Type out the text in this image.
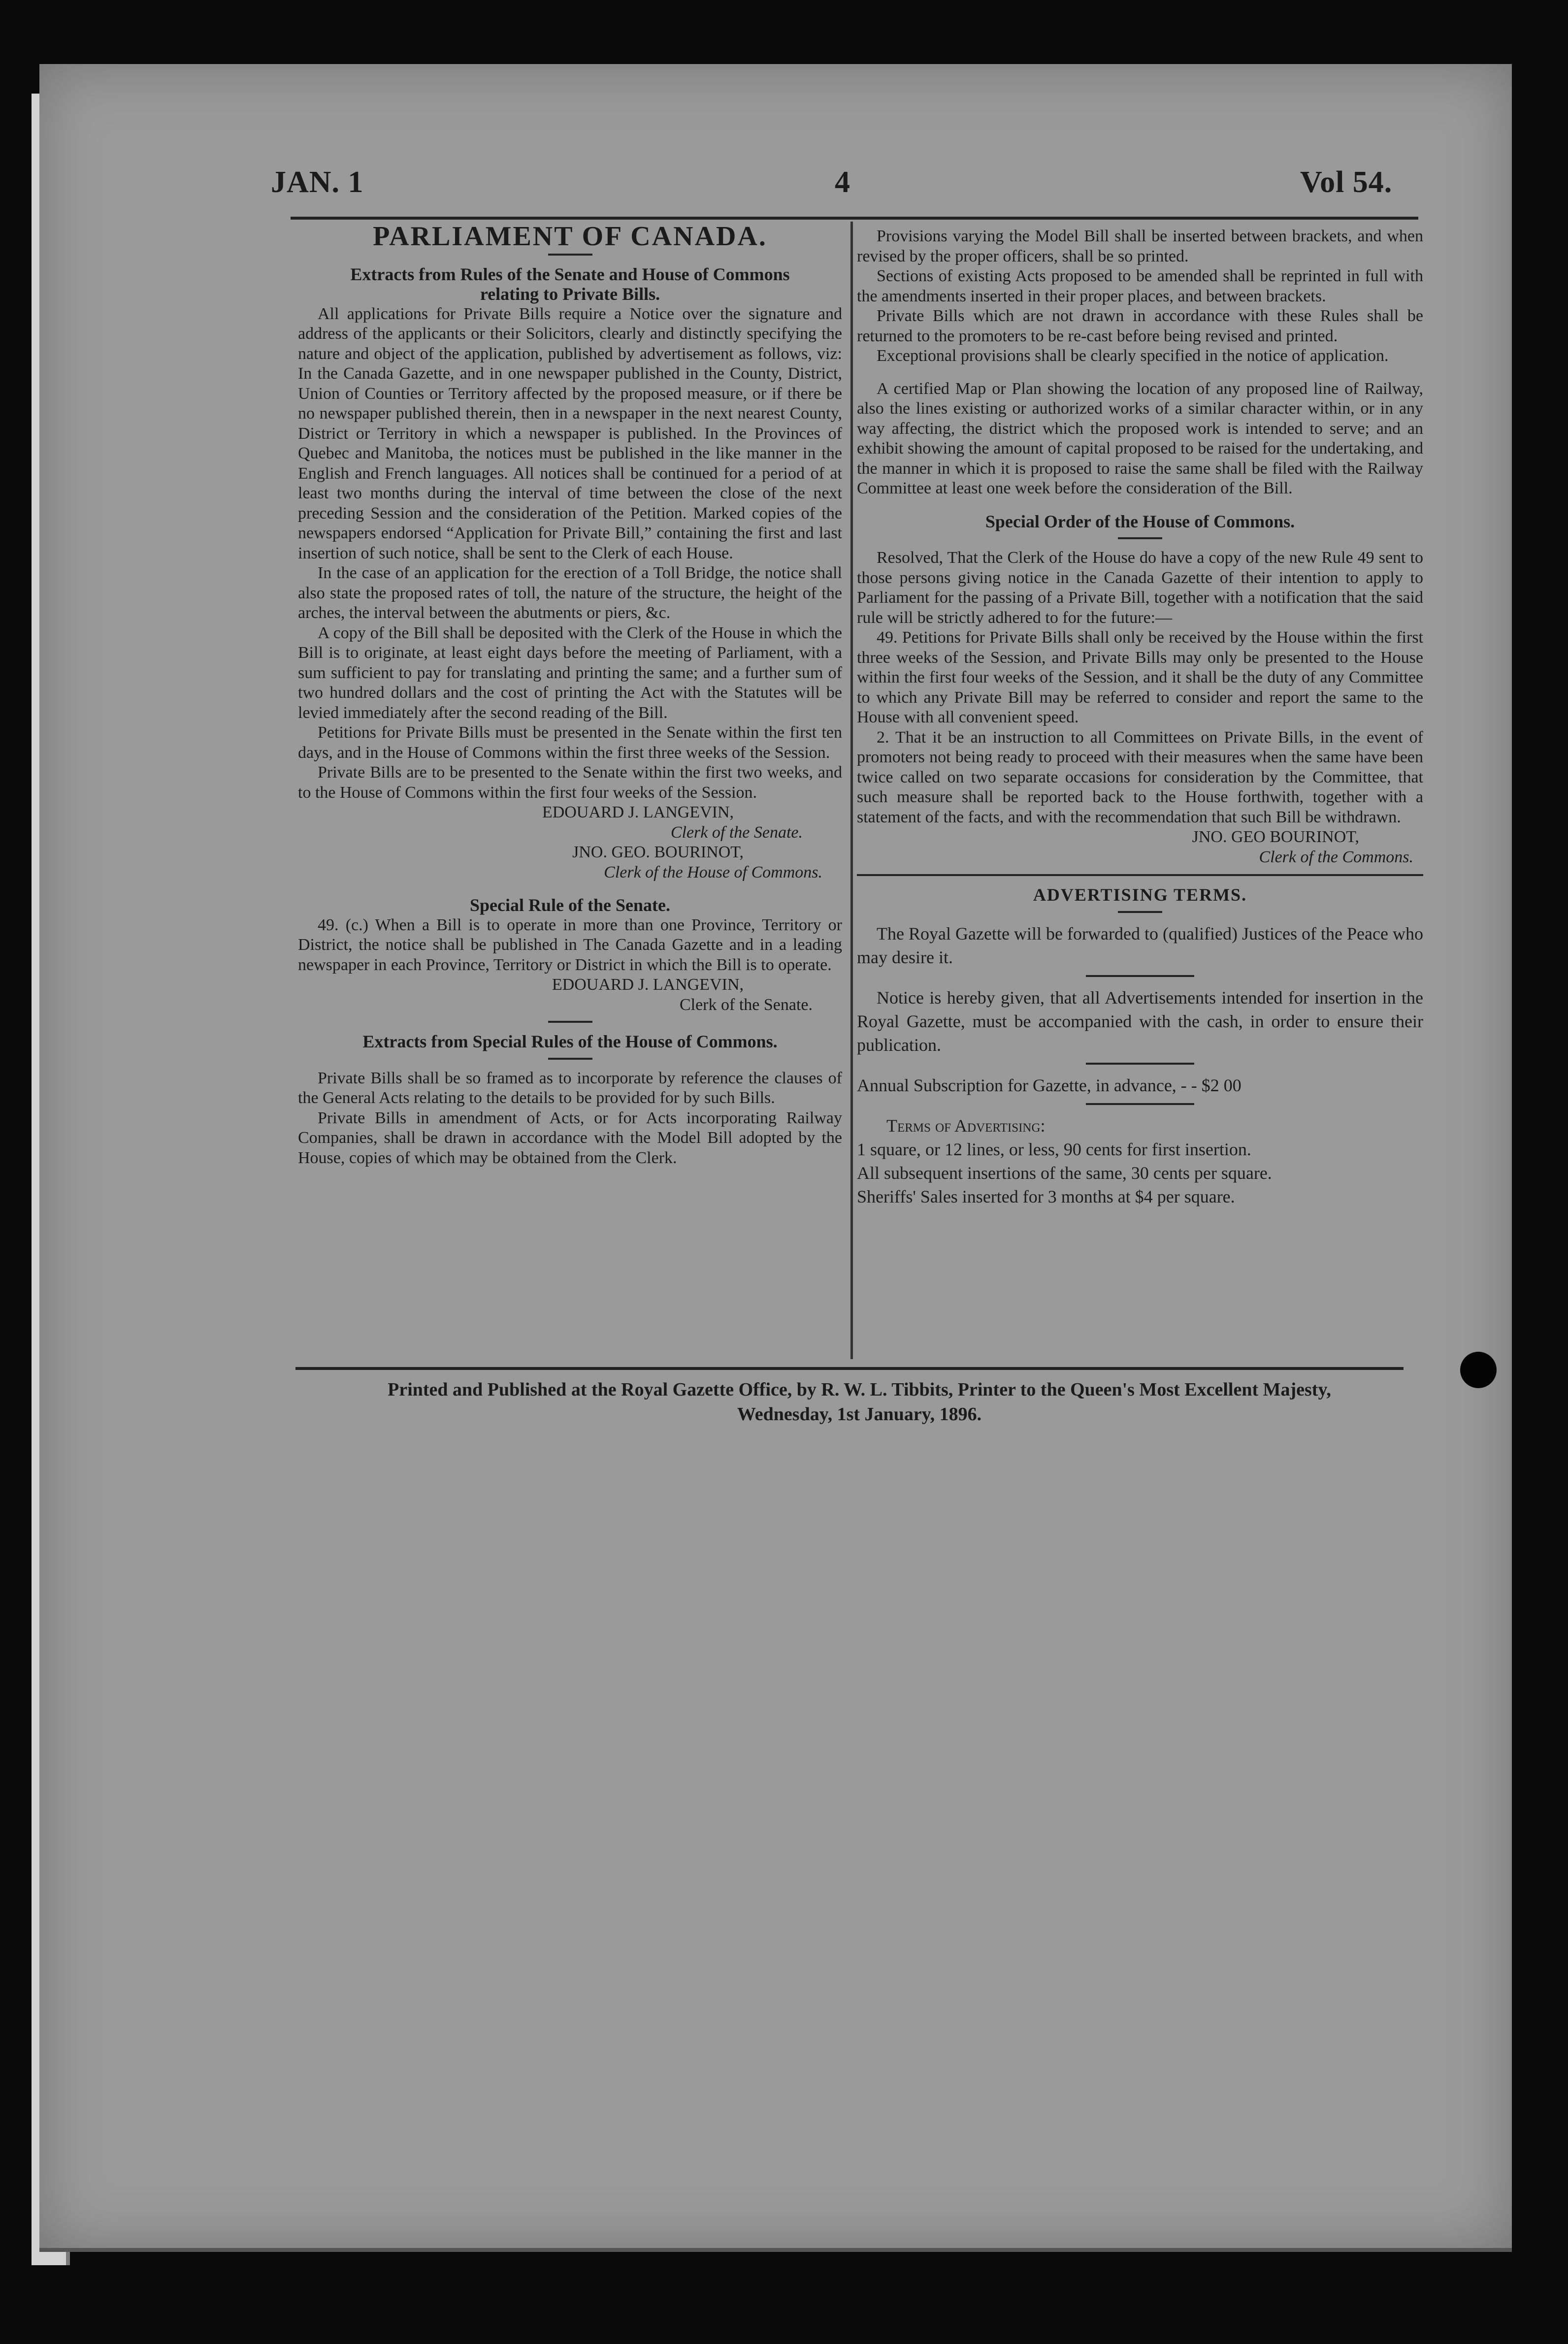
JAN. 1	4	Vol 54.

PARLIAMENT OF CANADA.

Extracts from Rules of the Senate and House of Commons

relating to Private Bills.

All applications for Private Bills require a Notice over the signature and address of the applicants or their Solicitors, clearly and distinctly specifying the nature and object of the application, published by advertisement as follows, viz: In the Canada Gazette, and in one newspaper published in the County, District, Union of Counties or Territory affected by the proposed measure, or if there be no newspaper published therein, then in a newspaper in the next nearest County, District or Territory in which a newspaper is published. In the Provinces of Quebec and Manitoba, the notices must be published in the like manner in the English and French languages. All notices shall be continued for a period of at least two months during the interval of time between the close of the next preceding Session and the consideration of the Petition. Marked copies of the newspapers endorsed “Application for Private Bill,” containing the first and last insertion of such notice, shall be sent to the Clerk of each House.

In the case of an application for the erection of a Toll Bridge, the notice shall also state the proposed rates of toll, the nature of the structure, the height of the arches, the interval between the abutments or piers, &c.

A copy of the Bill shall be deposited with the Clerk of the House in which the Bill is to originate, at least eight days before the meeting of Parliament, with a sum sufficient to pay for translating and printing the same; and a further sum of two hundred dollars and the cost of printing the Act with the Statutes will be levied immediately after the second reading of the Bill.

Petitions for Private Bills must be presented in the Senate within the first ten days, and in the House of Commons within the first three weeks of the Session.

Private Bills are to be presented to the Senate within the first two weeks, and to the House of Commons within the first four weeks of the Session.

EDOUARD J. LANGEVIN,

Clerk of the Senate.

JNO. GEO. BOURINOT,

Clerk of the House of Commons.

Special Rule of the Senate.

49. (c.) When a Bill is to operate in more than one Province, Territory or District, the notice shall be published in The Canada Gazette and in a leading newspaper in each Province, Territory or District in which the Bill is to operate.

EDOUARD J. LANGEVIN,

Clerk of the Senate.

Extracts from Special Rules of the House of Commons.

Private Bills shall be so framed as to incorporate by reference the clauses of the General Acts relating to the details to be provided for by such Bills.

Private Bills in amendment of Acts, or for Acts incorporating Railway Companies, shall be drawn in accordance with the Model Bill adopted by the House, copies of which may be obtained from the Clerk.

Provisions varying the Model Bill shall be inserted between brackets, and when revised by the proper officers, shall be so printed.

Sections of existing Acts proposed to be amended shall be reprinted in full with the amendments inserted in their proper places, and between brackets.

Private Bills which are not drawn in accordance with these Rules shall be returned to the promoters to be re-cast before being revised and printed.

Exceptional provisions shall be clearly specified in the notice of application.

A certified Map or Plan showing the location of any proposed line of Railway, also the lines existing or authorized works of a similar character within, or in any way affecting, the district which the proposed work is intended to serve; and an exhibit showing the amount of capital proposed to be raised for the undertaking, and the manner in which it is proposed to raise the same shall be filed with the Railway Committee at least one week before the consideration of the Bill.

Special Order of the House of Commons.

Resolved, That the Clerk of the House do have a copy of the new Rule 49 sent to those persons giving notice in the Canada Gazette of their intention to apply to Parliament for the passing of a Private Bill, together with a notification that the said rule will be strictly adhered to for the future:—

49. Petitions for Private Bills shall only be received by the House within the first three weeks of the Session, and Private Bills may only be presented to the House within the first four weeks of the Session, and it shall be the duty of any Committee to which any Private Bill may be referred to consider and report the same to the House with all convenient speed.

2. That it be an instruction to all Committees on Private Bills, in the event of promoters not being ready to proceed with their measures when the same have been twice called on two separate occasions for consideration by the Committee, that such measure shall be reported back to the House forthwith, together with a statement of the facts, and with the recommendation that such Bill be withdrawn.

JNO. GEO BOURINOT,

Clerk of the Commons.

ADVERTISING TERMS.

The Royal Gazette will be forwarded to (qualified) Justices of the Peace who may desire it.

Notice is hereby given, that all Advertisements intended for insertion in the Royal Gazette, must be accompanied with the cash, in order to ensure their publication.

Annual Subscription for Gazette, in advance, - - $2 00

Terms of Advertising:

1 square, or 12 lines, or less, 90 cents for first insertion.

All subsequent insertions of the same, 30 cents per square.

Sheriffs' Sales inserted for 3 months at $4 per square.

Printed and Published at the Royal Gazette Office, by R. W. L. Tibbits, Printer to the Queen's Most Excellent Majesty,
Wednesday, 1st January, 1896.
